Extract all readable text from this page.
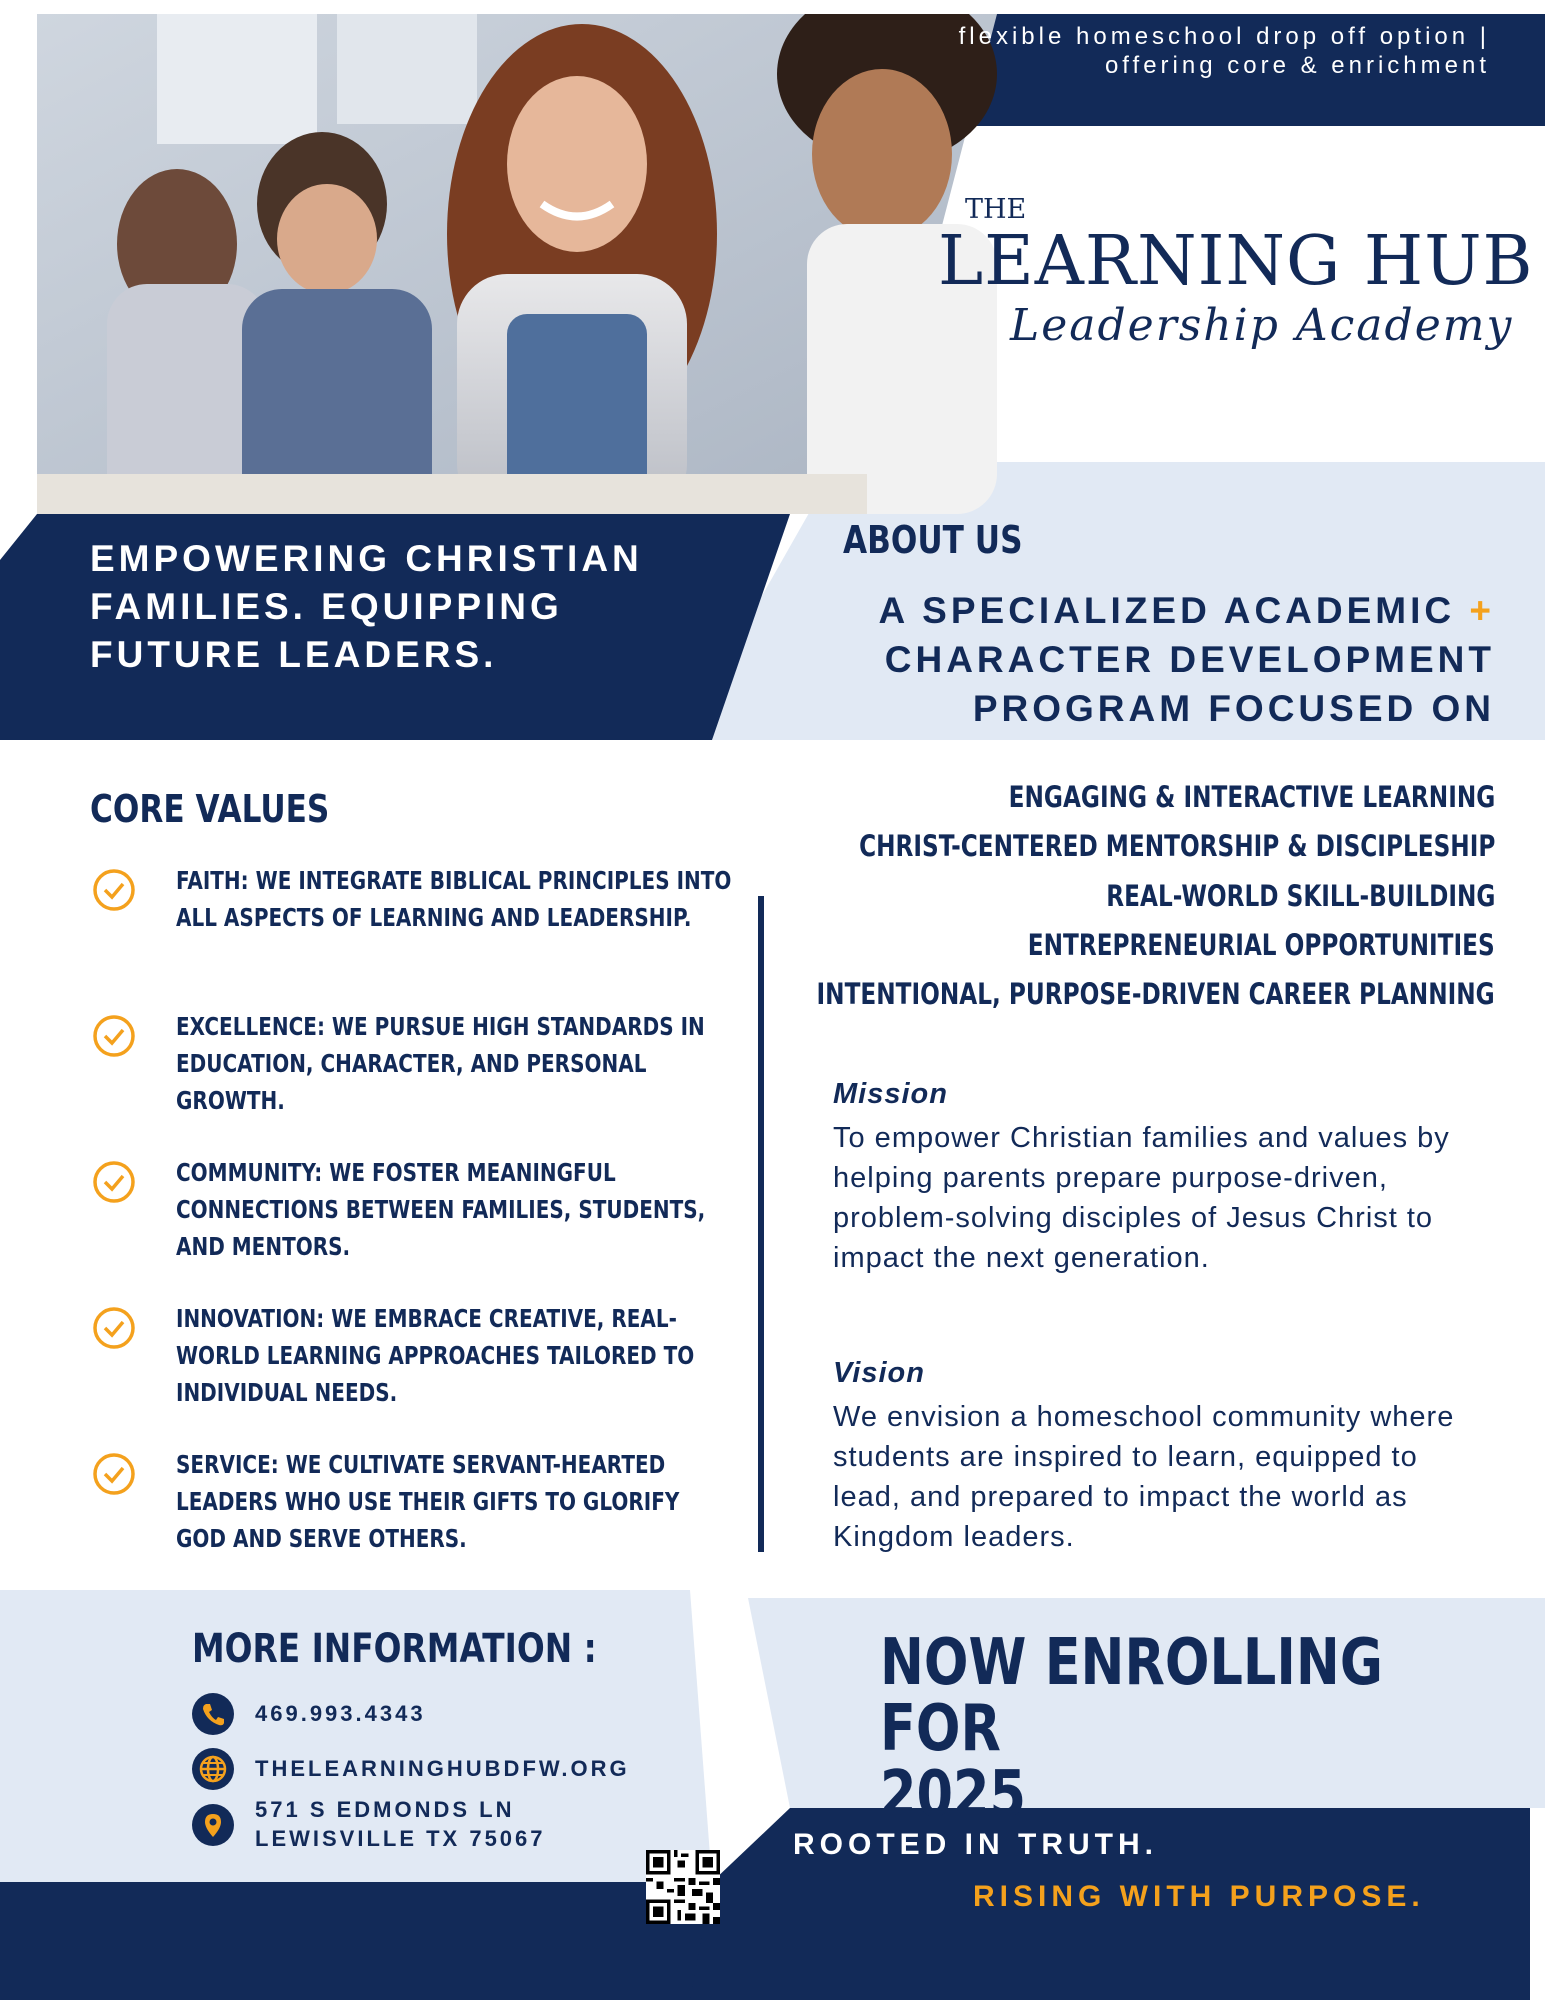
flexible homeschool drop off option | offering core & enrichment
THE
LEARNING HUB
Leadership Academy
EMPOWERING CHRISTIAN FAMILIES. EQUIPPING FUTURE LEADERS.
ABOUT US
A SPECIALIZED ACADEMIC +
CHARACTER DEVELOPMENT PROGRAM FOCUSED ON
CORE VALUES
FAITH: WE INTEGRATE BIBLICAL PRINCIPLES INTO ALL ASPECTS OF LEARNING AND LEADERSHIP.
EXCELLENCE: WE PURSUE HIGH STANDARDS IN EDUCATION, CHARACTER, AND PERSONAL GROWTH.
COMMUNITY: WE FOSTER MEANINGFUL CONNECTIONS BETWEEN FAMILIES, STUDENTS, AND MENTORS.
INNOVATION: WE EMBRACE CREATIVE, REAL-WORLD LEARNING APPROACHES TAILORED TO INDIVIDUAL NEEDS.
SERVICE: WE CULTIVATE SERVANT-HEARTED LEADERS WHO USE THEIR GIFTS TO GLORIFY GOD AND SERVE OTHERS.
ENGAGING & INTERACTIVE LEARNING
CHRIST-CENTERED MENTORSHIP & DISCIPLESHIP
REAL-WORLD SKILL-BUILDING
ENTREPRENEURIAL OPPORTUNITIES
INTENTIONAL, PURPOSE-DRIVEN CAREER PLANNING
Mission
To empower Christian families and values by helping parents prepare purpose-driven, problem-solving disciples of Jesus Christ to impact the next generation.
Vision
We envision a homeschool community where students are inspired to learn, equipped to lead, and prepared to impact the world as Kingdom leaders.
MORE INFORMATION :
469.993.4343
THELEARNINGHUBDFW.ORG
571 S EDMONDS LN
LEWISVILLE TX 75067
NOW ENROLLING FOR
2025
ROOTED IN TRUTH.
RISING WITH PURPOSE.
